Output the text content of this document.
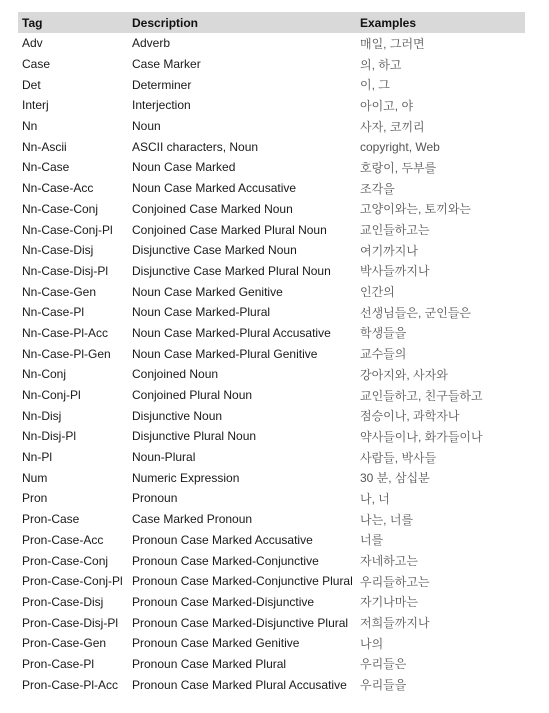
Tag	Description	Examples
Adv	Adverb	매일, 그러면
Case	Case Marker	의, 하고
Det	Determiner	이, 그
Interj	Interjection	아이고, 야
Nn	Noun	사자, 코끼리
Nn-Ascii	ASCII characters, Noun	copyright, Web
Nn-Case	Noun Case Marked	호랑이, 두부를
Nn-Case-Acc	Noun Case Marked Accusative	조각을
Nn-Case-Conj	Conjoined Case Marked Noun	고양이와는, 토끼와는
Nn-Case-Conj-Pl	Conjoined Case Marked Plural Noun	교인들하고는
Nn-Case-Disj	Disjunctive Case Marked Noun	여기까지나
Nn-Case-Disj-Pl	Disjunctive Case Marked Plural Noun	박사들까지나
Nn-Case-Gen	Noun Case Marked Genitive	인간의
Nn-Case-Pl	Noun Case Marked-Plural	선생님들은, 군인들은
Nn-Case-Pl-Acc	Noun Case Marked-Plural Accusative	학생들을
Nn-Case-Pl-Gen	Noun Case Marked-Plural Genitive	교수들의
Nn-Conj	Conjoined Noun	강아지와, 사자와
Nn-Conj-Pl	Conjoined Plural Noun	교인들하고, 친구들하고
Nn-Disj	Disjunctive Noun	점승이나, 과학자나
Nn-Disj-Pl	Disjunctive Plural Noun	약사들이나, 화가들이나
Nn-Pl	Noun-Plural	사람들, 박사들
Num	Numeric Expression	30 분, 삼십분
Pron	Pronoun	나, 너
Pron-Case	Case Marked Pronoun	나는, 너를
Pron-Case-Acc	Pronoun Case Marked Accusative	너를
Pron-Case-Conj	Pronoun Case Marked-Conjunctive	자네하고는
Pron-Case-Conj-Pl	Pronoun Case Marked-Conjunctive Plural	우리들하고는
Pron-Case-Disj	Pronoun Case Marked-Disjunctive	자기나마는
Pron-Case-Disj-Pl	Pronoun Case Marked-Disjunctive Plural	저희들까지나
Pron-Case-Gen	Pronoun Case Marked Genitive	나의
Pron-Case-Pl	Pronoun Case Marked Plural	우리들은
Pron-Case-Pl-Acc	Pronoun Case Marked Plural Accusative	우리들을
